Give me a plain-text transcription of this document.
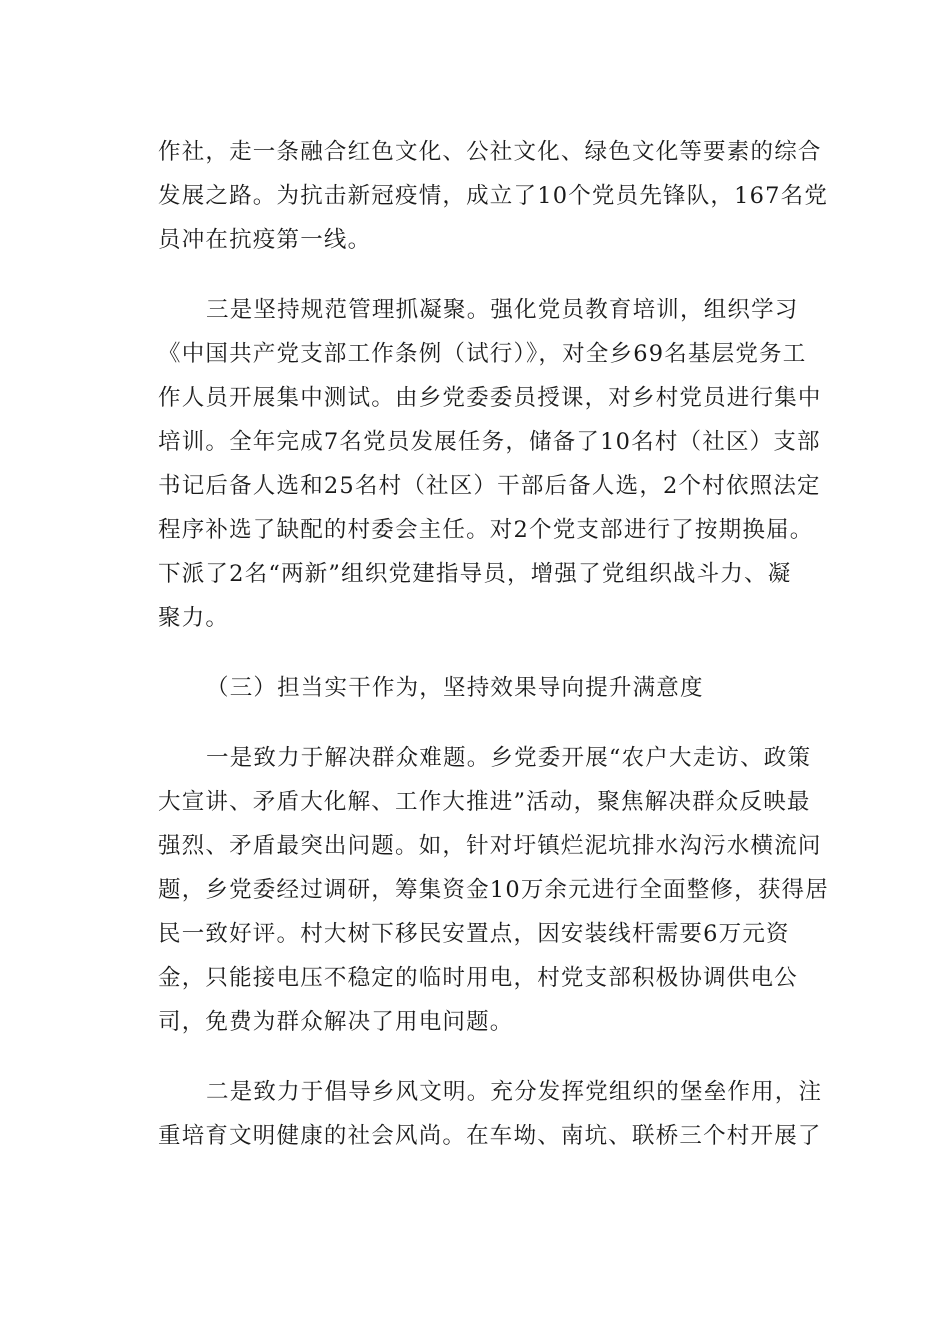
作社，走一条融合红色文化、公社文化、绿色文化等要素的综合
发展之路。为抗击新冠疫情，成立了10个党员先锋队，167名党
员冲在抗疫第一线。

三是坚持规范管理抓凝聚。强化党员教育培训，组织学习
《中国共产党支部工作条例（试行）》，对全乡69名基层党务工
作人员开展集中测试。由乡党委委员授课，对乡村党员进行集中
培训。全年完成7名党员发展任务，储备了10名村（社区）支部
书记后备人选和25名村（社区）干部后备人选，2个村依照法定
程序补选了缺配的村委会主任。对2个党支部进行了按期换届。
下派了2名“两新”组织党建指导员，增强了党组织战斗力、凝
聚力。

（三）担当实干作为，坚持效果导向提升满意度

一是致力于解决群众难题。乡党委开展“农户大走访、政策
大宣讲、矛盾大化解、工作大推进”活动，聚焦解决群众反映最
强烈、矛盾最突出问题。如，针对圩镇烂泥坑排水沟污水横流问
题，乡党委经过调研，筹集资金10万余元进行全面整修，获得居
民一致好评。村大树下移民安置点，因安装线杆需要6万元资
金，只能接电压不稳定的临时用电，村党支部积极协调供电公
司，免费为群众解决了用电问题。

二是致力于倡导乡风文明。充分发挥党组织的堡垒作用，注
重培育文明健康的社会风尚。在车坳、南坑、联桥三个村开展了
